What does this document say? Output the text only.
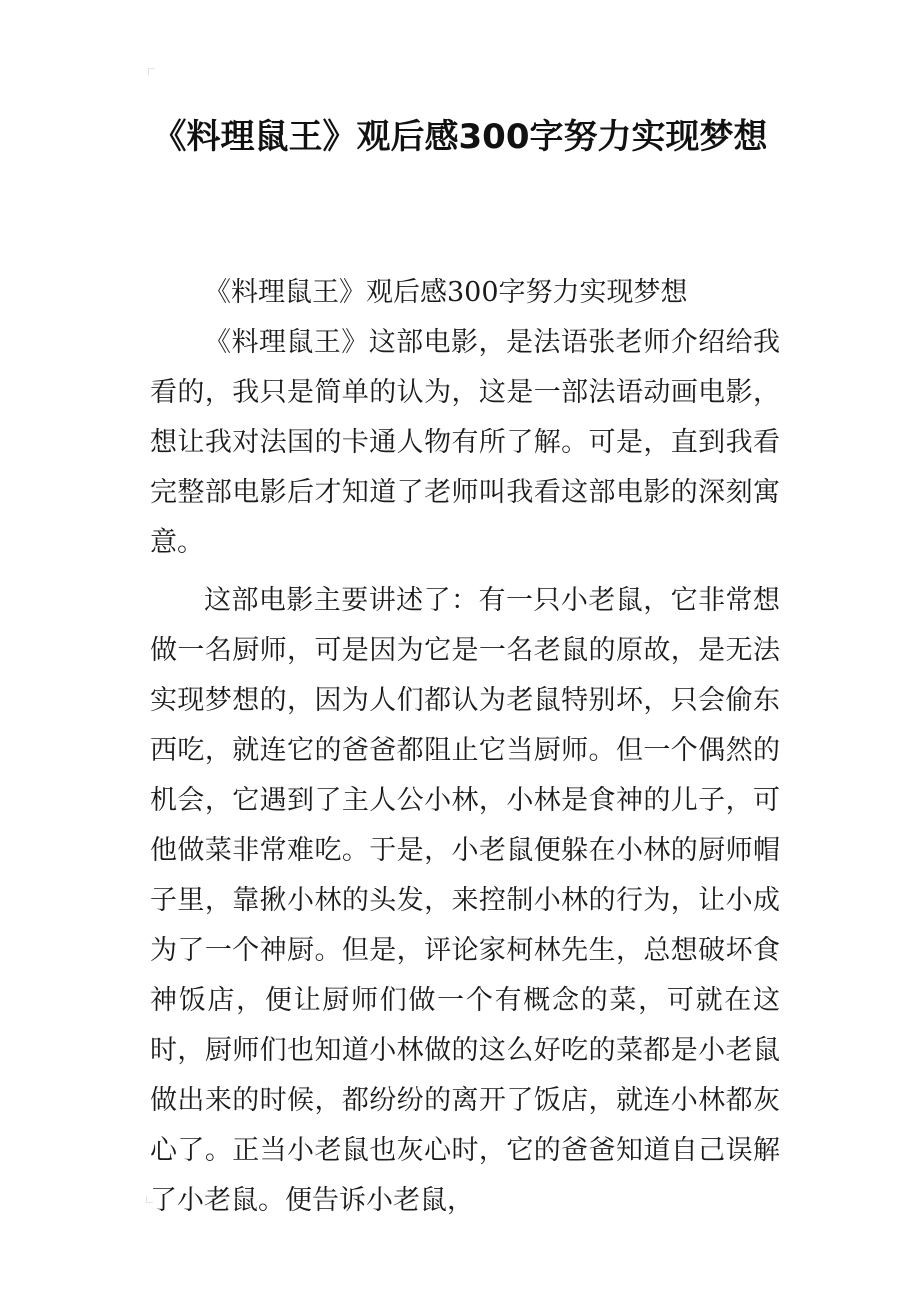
《料理鼠王》观后感300字努力实现梦想

《料理鼠王》观后感300字努力实现梦想

《料理鼠王》这部电影，是法语张老师介绍给我看的，我只是简单的认为，这是一部法语动画电影，想让我对法国的卡通人物有所了解。可是，直到我看完整部电影后才知道了老师叫我看这部电影的深刻寓意。

这部电影主要讲述了：有一只小老鼠，它非常想做一名厨师，可是因为它是一名老鼠的原故，是无法实现梦想的，因为人们都认为老鼠特别坏，只会偷东西吃，就连它的爸爸都阻止它当厨师。但一个偶然的机会，它遇到了主人公小林，小林是食神的儿子，可他做菜非常难吃。于是，小老鼠便躲在小林的厨师帽子里，靠揪小林的头发，来控制小林的行为，让小成为了一个神厨。但是，评论家柯林先生，总想破坏食神饭店，便让厨师们做一个有概念的菜，可就在这时，厨师们也知道小林做的这么好吃的菜都是小老鼠做出来的时候，都纷纷的离开了饭店，就连小林都灰心了。正当小老鼠也灰心时，它的爸爸知道自己误解了小老鼠。便告诉小老鼠，
